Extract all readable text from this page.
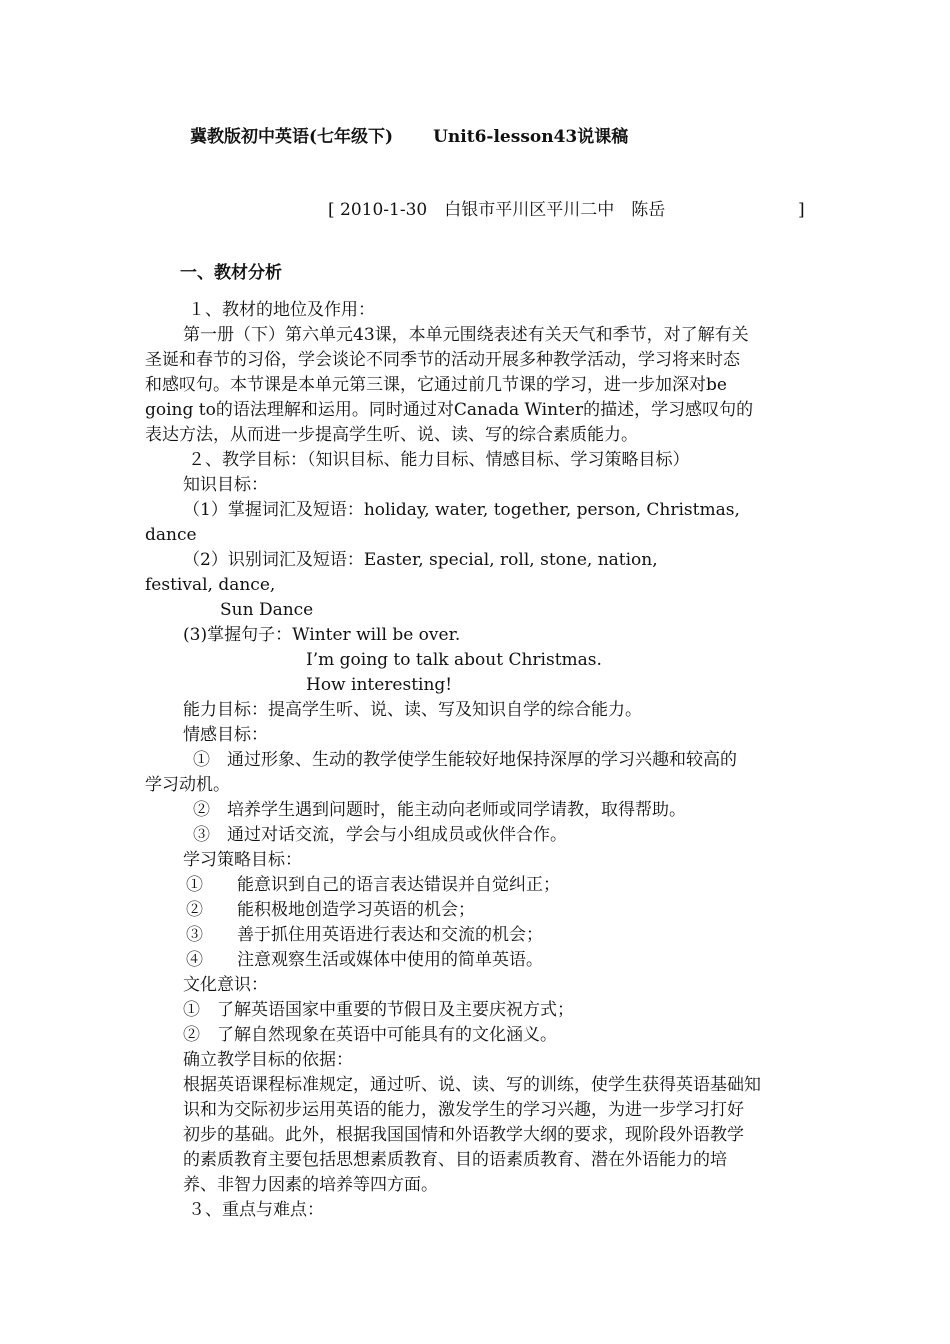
冀教版初中英语(七年级下) Unit6-lesson43说课稿
[ 2010-1-30　白银市平川区平川二中　陈岳	]
一、教材分析
１、教材的地位及作用：
第一册（下）第六单元43课，本单元围绕表述有关天气和季节，对了解有关
圣诞和春节的习俗，学会谈论不同季节的活动开展多种教学活动，学习将来时态
和感叹句。本节课是本单元第三课，它通过前几节课的学习，进一步加深对be
going to的语法理解和运用。同时通过对Canada Winter的描述，学习感叹句的
表达方法，从而进一步提高学生听、说、读、写的综合素质能力。
２、教学目标：（知识目标、能力目标、情感目标、学习策略目标）
知识目标：
（1）掌握词汇及短语：holiday, water, together, person, Christmas,
dance
（2）识别词汇及短语：Easter, special, roll, stone, nation,
festival, dance,
Sun Dance
(3)掌握句子：Winter will be over.
I’m going to talk about Christmas.
How interesting!
能力目标：提高学生听、说、读、写及知识自学的综合能力。
情感目标：
①　通过形象、生动的教学使学生能较好地保持深厚的学习兴趣和较高的
学习动机。
②　培养学生遇到问题时，能主动向老师或同学请教，取得帮助。
③　通过对话交流，学会与小组成员或伙伴合作。
学习策略目标：
①　　能意识到自己的语言表达错误并自觉纠正；
②　　能积极地创造学习英语的机会；
③　　善于抓住用英语进行表达和交流的机会；
④　　注意观察生活或媒体中使用的简单英语。
文化意识：
①　了解英语国家中重要的节假日及主要庆祝方式；
②　了解自然现象在英语中可能具有的文化涵义。
确立教学目标的依据：
根据英语课程标准规定，通过听、说、读、写的训练，使学生获得英语基础知
识和为交际初步运用英语的能力，激发学生的学习兴趣，为进一步学习打好
初步的基础。此外，根据我国国情和外语教学大纲的要求，现阶段外语教学
的素质教育主要包括思想素质教育、目的语素质教育、潜在外语能力的培
养、非智力因素的培养等四方面。
３、重点与难点：
